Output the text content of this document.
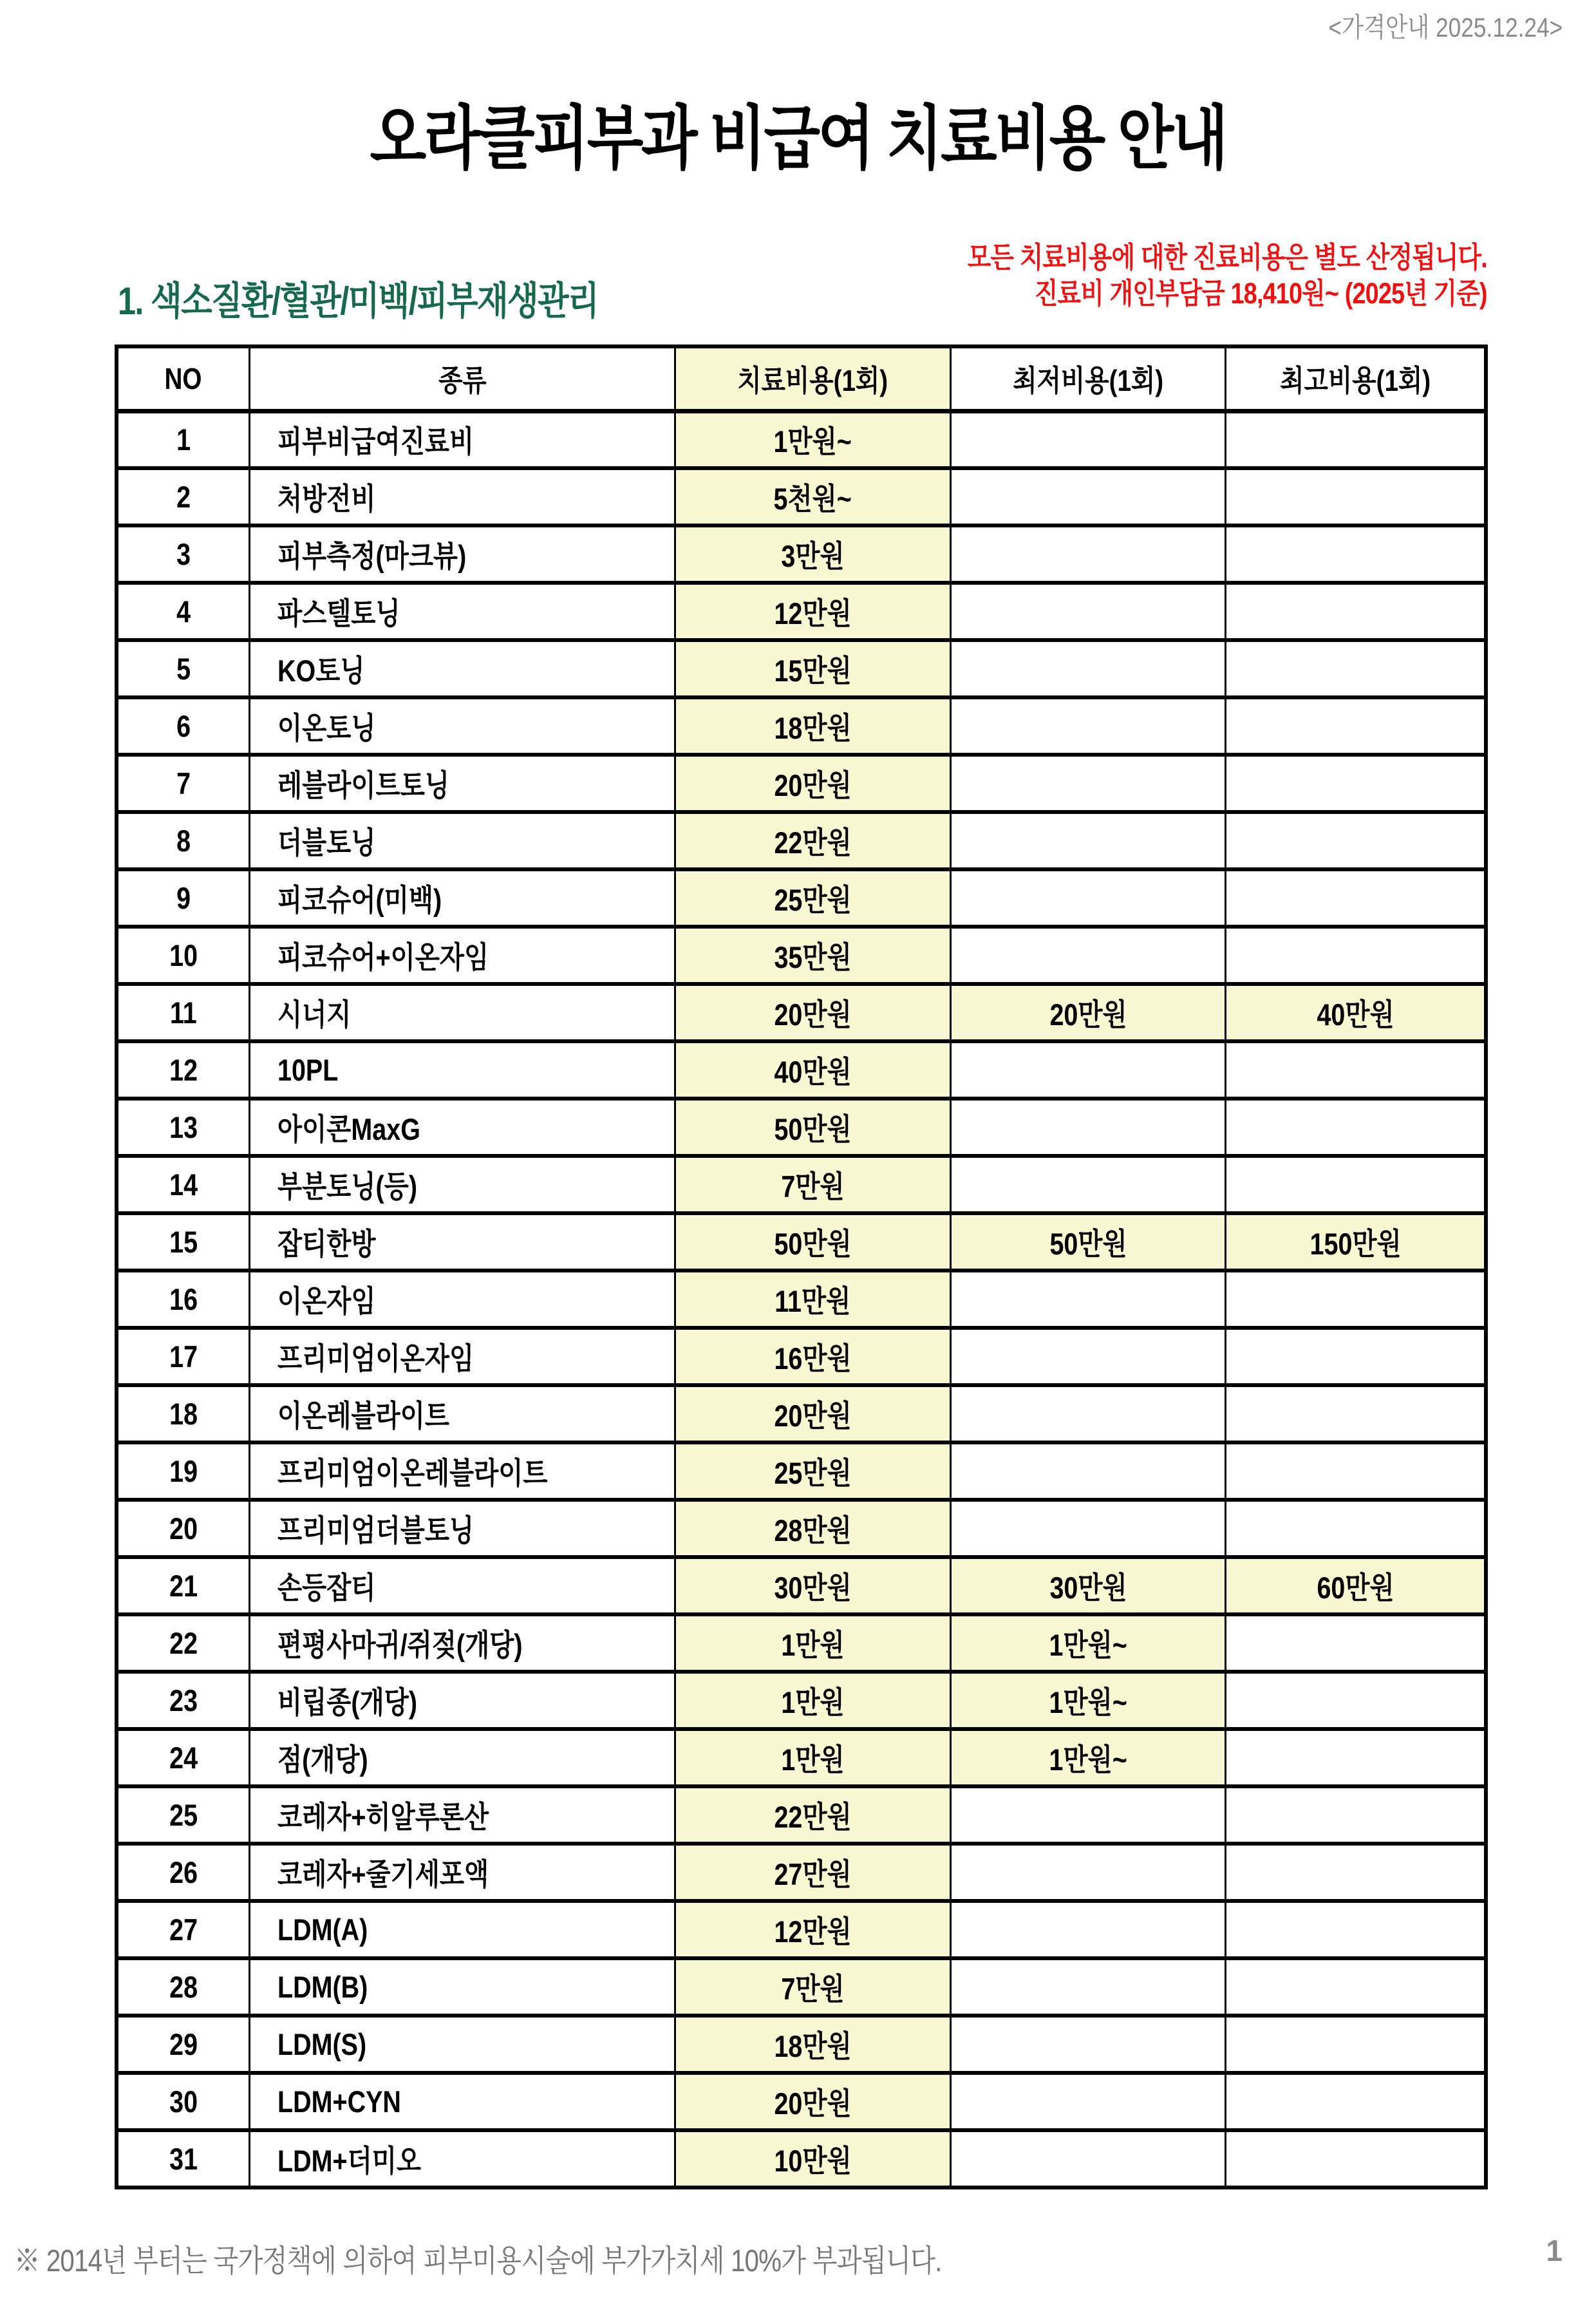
<가격안내 2025.12.24>
오라클피부과 비급여 치료비용 안내
1. 색소질환/혈관/미백/피부재생관리
모든 치료비용에 대한 진료비용은 별도 산정됩니다.
진료비 개인부담금 18,410원~ (2025년 기준)
NO	종류	치료비용(1회)	최저비용(1회)	최고비용(1회)
1	피부비급여진료비	1만원~		
2	처방전비	5천원~		
3	피부측정(마크뷰)	3만원		
4	파스텔토닝	12만원		
5	KO토닝	15만원		
6	이온토닝	18만원		
7	레블라이트토닝	20만원		
8	더블토닝	22만원		
9	피코슈어(미백)	25만원		
10	피코슈어+이온자임	35만원		
11	시너지	20만원	20만원	40만원
12	10PL	40만원		
13	아이콘MaxG	50만원		
14	부분토닝(등)	7만원		
15	잡티한방	50만원	50만원	150만원
16	이온자임	11만원		
17	프리미엄이온자임	16만원		
18	이온레블라이트	20만원		
19	프리미엄이온레블라이트	25만원		
20	프리미엄더블토닝	28만원		
21	손등잡티	30만원	30만원	60만원
22	편평사마귀/쥐젖(개당)	1만원	1만원~	
23	비립종(개당)	1만원	1만원~	
24	점(개당)	1만원	1만원~	
25	코레자+히알루론산	22만원		
26	코레자+줄기세포액	27만원		
27	LDM(A)	12만원		
28	LDM(B)	7만원		
29	LDM(S)	18만원		
30	LDM+CYN	20만원		
31	LDM+더미오	10만원		
※ 2014년 부터는 국가정책에 의하여 피부미용시술에 부가가치세 10%가 부과됩니다.	1
